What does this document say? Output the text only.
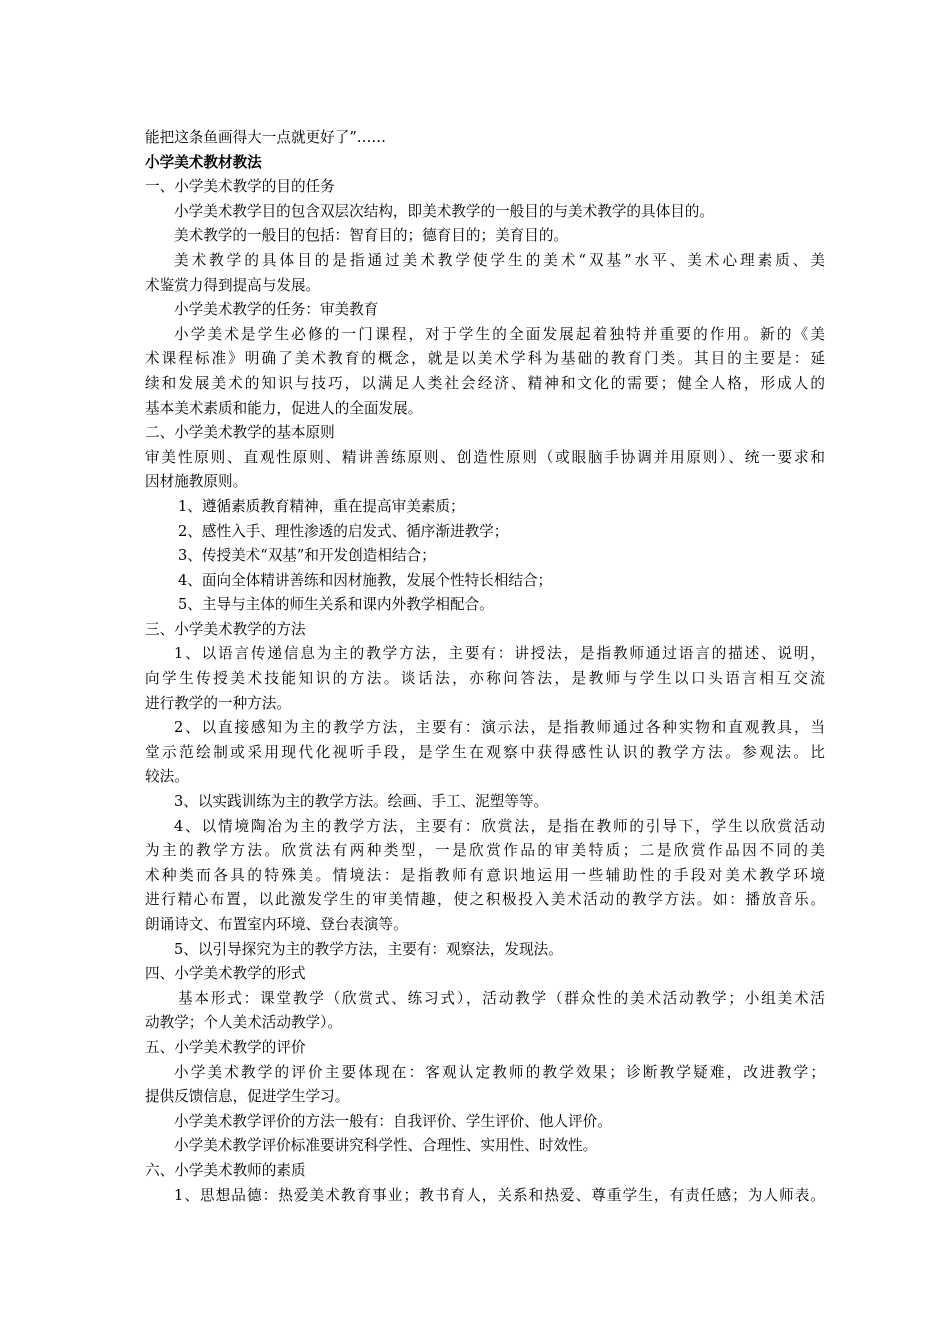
能把这条鱼画得大一点就更好了”……
小学美术教材教法
一、小学美术教学的目的任务
小学美术教学目的包含双层次结构，即美术教学的一般目的与美术教学的具体目的。
美术教学的一般目的包括：智育目的；德育目的；美育目的。
美术教学的具体目的是指通过美术教学使学生的美术“双基”水平、美术心理素质、美
术鉴赏力得到提高与发展。
小学美术教学的任务：审美教育
小学美术是学生必修的一门课程，对于学生的全面发展起着独特并重要的作用。新的《美
术课程标准》明确了美术教育的概念，就是以美术学科为基础的教育门类。其目的主要是：延
续和发展美术的知识与技巧，以满足人类社会经济、精神和文化的需要；健全人格，形成人的
基本美术素质和能力，促进人的全面发展。
二、小学美术教学的基本原则
审美性原则、直观性原则、精讲善练原则、创造性原则（或眼脑手协调并用原则）、统一要求和
因材施教原则。
1、遵循素质教育精神，重在提高审美素质；
2、感性入手、理性渗透的启发式、循序渐进教学；
3、传授美术“双基”和开发创造相结合；
4、面向全体精讲善练和因材施教，发展个性特长相结合；
5、主导与主体的师生关系和课内外教学相配合。
三、小学美术教学的方法
1、以语言传递信息为主的教学方法，主要有：讲授法，是指教师通过语言的描述、说明，
向学生传授美术技能知识的方法。谈话法，亦称问答法，是教师与学生以口头语言相互交流
进行教学的一种方法。
2、以直接感知为主的教学方法，主要有：演示法，是指教师通过各种实物和直观教具，当
堂示范绘制或采用现代化视听手段，是学生在观察中获得感性认识的教学方法。参观法。比
较法。
3、以实践训练为主的教学方法。绘画、手工、泥塑等等。
4、以情境陶冶为主的教学方法，主要有：欣赏法，是指在教师的引导下，学生以欣赏活动
为主的教学方法。欣赏法有两种类型，一是欣赏作品的审美特质；二是欣赏作品因不同的美
术种类而各具的特殊美。情境法：是指教师有意识地运用一些辅助性的手段对美术教学环境
进行精心布置，以此激发学生的审美情趣，使之积极投入美术活动的教学方法。如：播放音乐。
朗诵诗文、布置室内环境、登台表演等。
5、以引导探究为主的教学方法，主要有：观察法，发现法。
四、小学美术教学的形式
基本形式：课堂教学（欣赏式、练习式），活动教学（群众性的美术活动教学；小组美术活
动教学；个人美术活动教学）。
五、小学美术教学的评价
小学美术教学的评价主要体现在：客观认定教师的教学效果；诊断教学疑难，改进教学；
提供反馈信息，促进学生学习。
小学美术教学评价的方法一般有：自我评价、学生评价、他人评价。
小学美术教学评价标准要讲究科学性、合理性、实用性、时效性。
六、小学美术教师的素质
1、思想品德：热爱美术教育事业；教书育人，关系和热爱、尊重学生，有责任感；为人师表。
